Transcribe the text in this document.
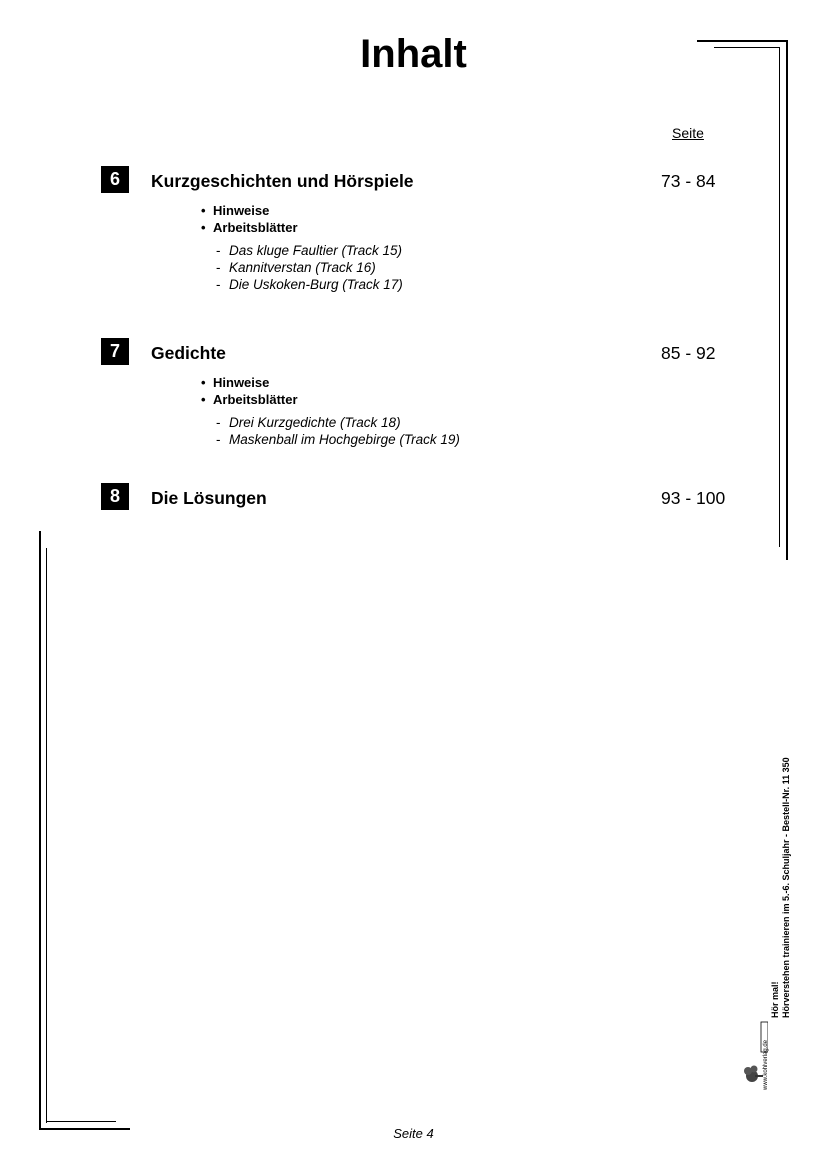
Inhalt
Seite
6	Kurzgeschichten und Hörspiele	73 - 84
• Hinweise
• Arbeitsblätter
- Das kluge Faultier (Track 15)
- Kannitverstan (Track 16)
- Die Uskoken-Burg (Track 17)
7	Gedichte	85 - 92
• Hinweise
• Arbeitsblätter
- Drei Kurzgedichte (Track 18)
- Maskenball im Hochgebirge (Track 19)
8	Die Lösungen	93 - 100
www.kohlverlag.de
Hör mal! Hörverstehen trainieren im 5.-6. Schuljahr - Bestell-Nr. 11 350
Seite 4
